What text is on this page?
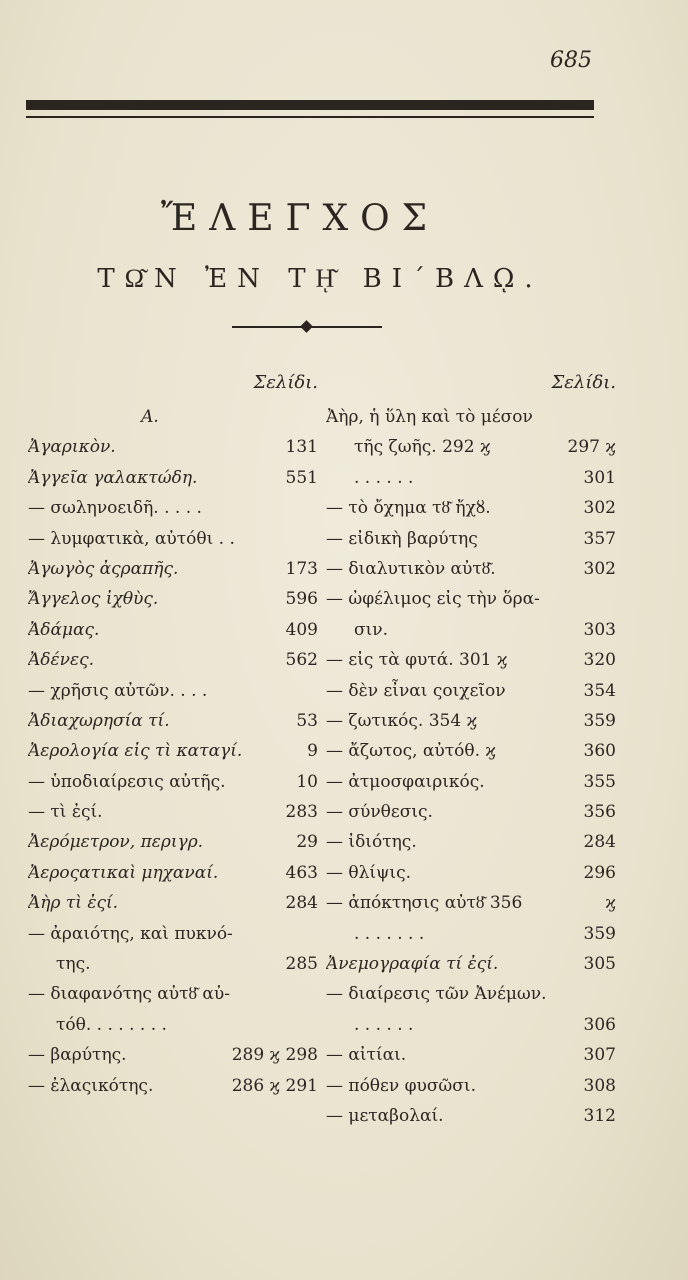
685
ἜΛΕΓΧΟΣ
ΤΩ͂Ν ἘΝ Τῌ͂ ΒΙ΄ΒΛῼ.
Σελίδι.
Α.
Ἀγαρικὸν.	131
Ἀγγεῖα γαλακτώδη.	551
— σωληνοειδῆ. . . . .
— λυμφατικὰ, αὐτόθι . .
Ἀγωγὸς ἀςραπῆς.	173
Ἄγγελος ἰχθὺς.	596
Ἀδάμας.	409
Ἀδένες.	562
— χρῆσις αὐτῶν. . . .
Ἀδιαχωρησία τί.	53
Ἀερολογία εἰς τὶ καταγί.	9
— ὑποδιαίρεσις αὐτῆς.	10
— τὶ ἐςί.	283
Ἀερόμετρον, περιγρ.	29
Ἀεροςατικαὶ μηχαναί.	463
Ἀὴρ τὶ ἐςί.	284
— ἀραιότης, καὶ πυκνό-
της.	285
— διαφανότης αὐτȣ͂ αὐ-
τόθ. . . . . . . .
— βαρύτης.	289 ϗ 298
— ἐλαςικότης.	286 ϗ 291
Σελίδι.
Ἀὴρ, ἡ ὕλη καὶ τὸ μέσον
τῆς ζωῆς. 292 ϗ	297 ϗ
. . . . . .	301
— τὸ ὄχημα τȣ͂ ἤχȣ.	302
— εἰδικὴ βαρύτης	357
— διαλυτικὸν αὐτȣ͂.	302
— ὠφέλιμος εἰς τὴν ὅρα-
σιν.	303
— εἰς τὰ φυτά. 301 ϗ	320
— δὲν εἶναι ςοιχεῖον	354
— ζωτικός. 354 ϗ	359
— ἄζωτος, αὐτόθ. ϗ	360
— ἀτμοσφαιρικός.	355
— σύνθεσις.	356
— ἰδιότης.	284
— θλίψις.	296
— ἀπόκτησις αὐτȣ͂ 356	ϗ
. . . . . . .	359
Ἀνεμογραφία τί ἐςί.	305
— διαίρεσις τῶν Ἀνέμων.
. . . . . .	306
— αἰτίαι.	307
— πόθεν φυσῶσι.	308
— μεταβολαί.	312
